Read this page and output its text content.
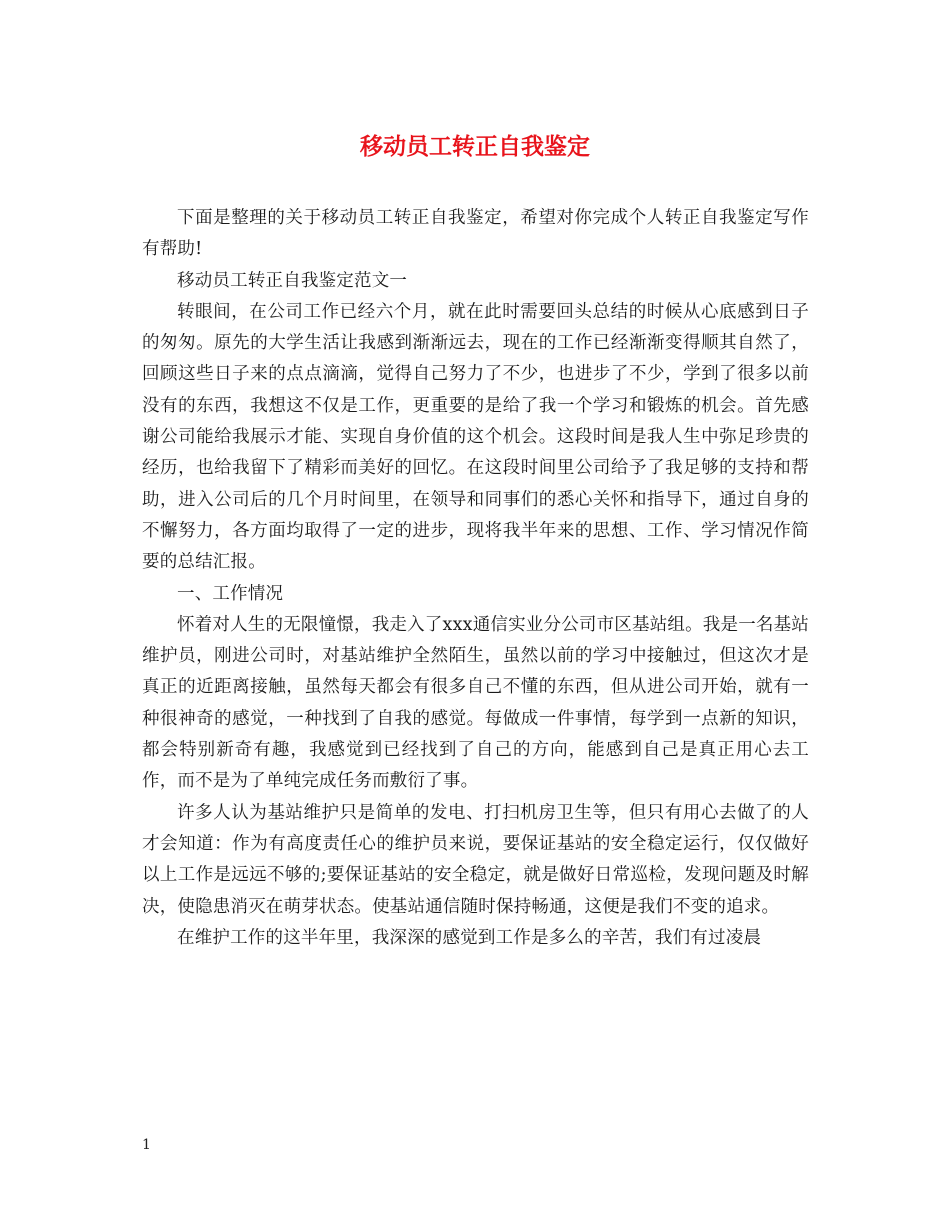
移动员工转正自我鉴定

下面是整理的关于移动员工转正自我鉴定，希望对你完成个人转正自我鉴定写作有帮助!

移动员工转正自我鉴定范文一

转眼间，在公司工作已经六个月，就在此时需要回头总结的时候从心底感到日子的匆匆。原先的大学生活让我感到渐渐远去，现在的工作已经渐渐变得顺其自然了，回顾这些日子来的点点滴滴，觉得自己努力了不少，也进步了不少，学到了很多以前没有的东西，我想这不仅是工作，更重要的是给了我一个学习和锻炼的机会。首先感谢公司能给我展示才能、实现自身价值的这个机会。这段时间是我人生中弥足珍贵的经历，也给我留下了精彩而美好的回忆。在这段时间里公司给予了我足够的支持和帮助，进入公司后的几个月时间里，在领导和同事们的悉心关怀和指导下，通过自身的不懈努力，各方面均取得了一定的进步，现将我半年来的思想、工作、学习情况作简要的总结汇报。

一、工作情况

怀着对人生的无限憧憬，我走入了xxx通信实业分公司市区基站组。我是一名基站维护员，刚进公司时，对基站维护全然陌生，虽然以前的学习中接触过，但这次才是真正的近距离接触，虽然每天都会有很多自己不懂的东西，但从进公司开始，就有一种很神奇的感觉，一种找到了自我的感觉。每做成一件事情，每学到一点新的知识，都会特别新奇有趣，我感觉到已经找到了自己的方向，能感到自己是真正用心去工作，而不是为了单纯完成任务而敷衍了事。

许多人认为基站维护只是简单的发电、打扫机房卫生等，但只有用心去做了的人才会知道：作为有高度责任心的维护员来说，要保证基站的安全稳定运行，仅仅做好以上工作是远远不够的;要保证基站的安全稳定，就是做好日常巡检，发现问题及时解决，使隐患消灭在萌芽状态。使基站通信随时保持畅通，这便是我们不变的追求。

在维护工作的这半年里，我深深的感觉到工作是多么的辛苦，我们有过凌晨

1
